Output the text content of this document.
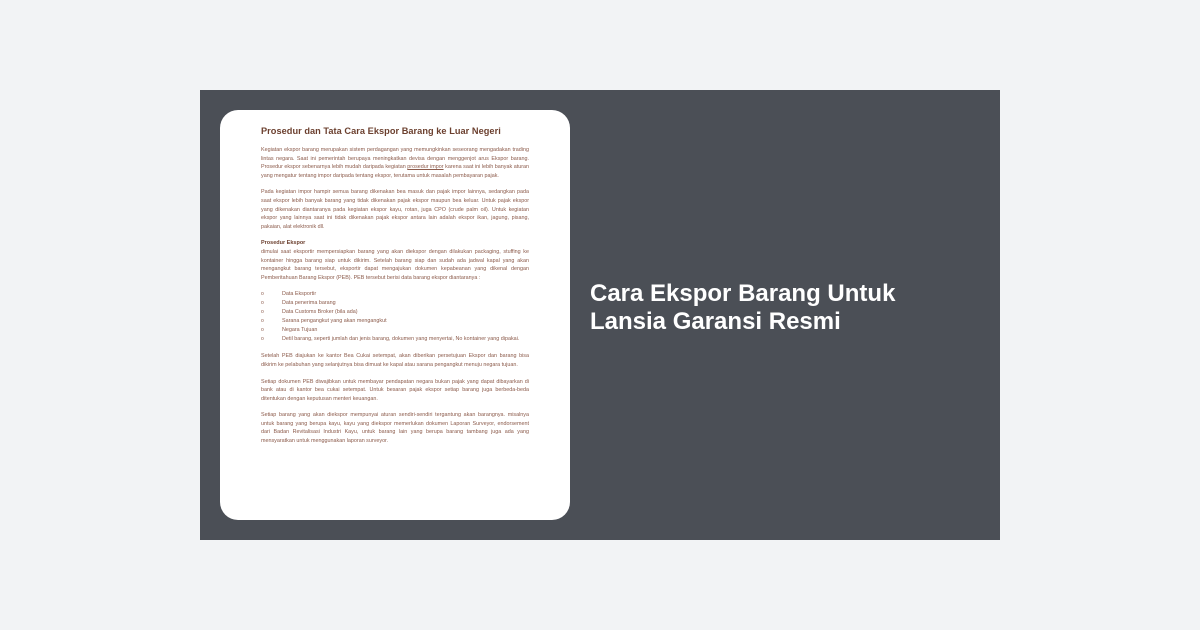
Prosedur dan Tata Cara Ekspor Barang ke Luar Negeri

Kegiatan ekspor barang merupakan sistem perdagangan yang memungkinkan seseorang mengadakan trading lintas negara. Saat ini pemerintah berupaya meningkatkan devisa dengan menggenjot arus Ekspor barang. Prosedur ekspor sebenarnya lebih mudah daripada kegiatan prosedur impor karena saat ini lebih banyak aturan yang mengatur tentang impor daripada tentang ekspor, terutama untuk masalah pembayaran pajak.

Pada kegiatan impor hampir semua barang dikenakan bea masuk dan pajak impor lainnya, sedangkan pada saat ekspor lebih banyak barang yang tidak dikenakan pajak ekspor maupun bea keluar. Untuk pajak ekspor yang dikenakan diantaranya pada kegiatan ekspor kayu, rotan, juga CPO (crude palm oil). Untuk kegiatan ekspor yang lainnya saat ini tidak dikenakan pajak ekspor antara lain adalah ekspor ikan, jagung, pisang, pakaian, alat elektronik dll.

Prosedur Ekspor

dimulai saat eksportir mempersiapkan barang yang akan diekspor dengan dilakukan packaging, stuffing ke kontainer hingga barang siap untuk dikirim. Setelah barang siap dan sudah ada jadwal kapal yang akan mengangkut barang tersebut, eksportir dapat mengajukan dokumen kepabeanan yang dikenal dengan Pemberitahuan Barang Ekspor (PEB). PEB tersebut berisi data barang ekspor diantaranya :

o	Data Eksportir
o	Data penerima barang
o	Data Customs Broker (bila ada)
o	Sarana pengangkut yang akan mengangkut
o	Negara Tujuan
o	Detil barang, seperti jumlah dan jenis barang, dokumen yang menyertai, No kontainer yang dipakai.

Setelah PEB diajukan ke kantor Bea Cukai setempat, akan diberikan persetujuan Ekspor dan barang bisa dikirim ke pelabuhan yang selanjutnya bisa dimuat ke kapal atau sarana pengangkut menuju negara tujuan.

Setiap dokumen PEB diwajibkan untuk membayar pendapatan negara bukan pajak yang dapat dibayarkan di bank atau di kantor bea cukai setempat. Untuk besaran pajak ekspor setiap barang juga berbeda-beda ditentukan dengan keputusan menteri keuangan.

Setiap barang yang akan diekspor mempunyai aturan sendiri-sendiri tergantung akan barangnya. misalnya untuk barang yang berupa kayu, kayu yang diekspor memerlukan dokumen Laporan Surveyor, endorsement dari Badan Revitalisasi Industri Kayu, untuk barang lain yang berupa barang tambang juga ada yang mensyaratkan untuk menggunakan laporan surveyor.

Cara Ekspor Barang Untuk Lansia Garansi Resmi
